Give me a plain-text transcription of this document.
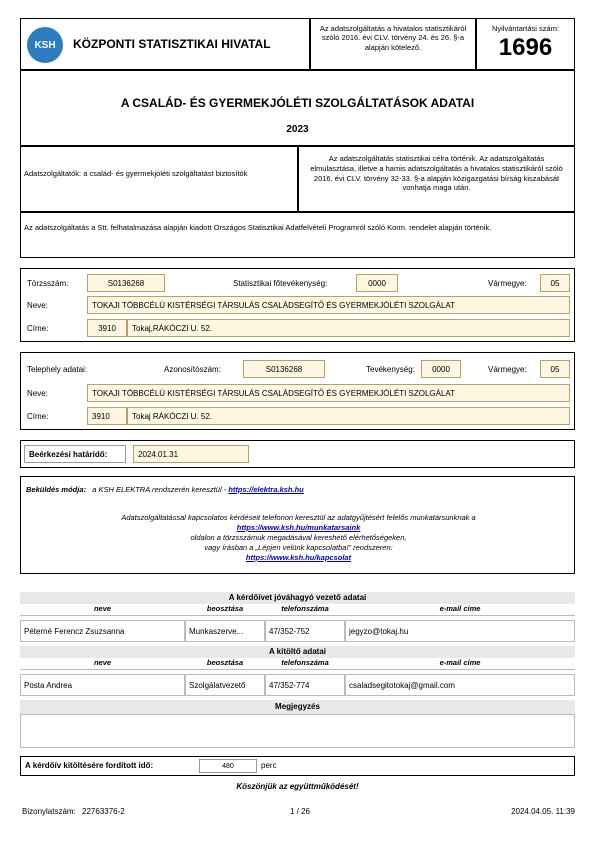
KSH KÖZPONTI STATISZTIKAI HIVATAL
Az adatszolgáltatás a hivatalos statisztikáról szóló 2016. évi CLV. törvény 24. és 26. §-a alapján kötelező.
Nyilvántartási szám:
1696
A CSALÁD- ÉS GYERMEKJÓLÉTI SZOLGÁLTATÁSOK ADATAI
2023
Adatszolgáltatók: a család- és gyermekjóléti szolgáltatást biztosítók
Az adatszolgáltatás statisztikai célra történik. Az adatszolgáltatás elmulasztása, illetve a hamis adatszolgáltatás a hivatalos statisztikáról szóló 2016. évi CLV. törvény 32-33. §-a alapján közigazgatási bírság kiszabását vonhatja maga után.
Az adatszolgáltatás a Stt. felhatalmazása alapján kiadott Országos Statisztikai Adatfelvételi Programról szóló Korm. rendelet alapján történik.
Törzsszám:	S0136268	Statisztikai főtevékenység:	0000	Vármegye:	05
Neve:	TOKAJI TÖBBCÉLÚ KISTÉRSÉGI TÁRSULÁS CSALÁDSEGÍTŐ ÉS GYERMEKJÓLÉTI SZOLGÁLAT
Címe:	3910	Tokaj,RÁKÓCZI U. 52.
Telephely adatai:	Azonosítószám:	S0136268	Tevékenység:	0000	Vármegye:	05
Neve:	TOKAJI TÖBBCÉLÚ KISTÉRSÉGI TÁRSULÁS CSALÁDSEGÍTŐ ÉS GYERMEKJÓLÉTI SZOLGÁLAT
Címe:	3910	Tokaj RÁKÓCZI U. 52.
Beérkezési határidő:	2024.01.31
Beküldés módja: a KSH ELEKTRA rendszerén keresztül - https://elektra.ksh.hu
Adatszolgáltatással kapcsolatos kérdéseit telefonon keresztül az adatgyűjtésért felelős munkatársunknak a
https://www.ksh.hu/munkatarsaink
oldalon a törzsszámuk megadásával kereshető elérhetőségeken,
vagy írásban a „Lépjen velünk kapcsolatba!” rendszeren:
https://www.ksh.hu/kapcsolat
A kérdőívet jóváhagyó vezető adatai
neve	beosztása	telefonszáma	e-mail címe
Péterné Ferencz Zsuzsanna	Munkaszerve...	47/352-752	jegyzo@tokaj.hu
A kitöltő adatai
neve	beosztása	telefonszáma	e-mail címe
Posta Andrea	Szolgálatvezető	47/352-774	csaladsegitotokaj@gmail.com
Megjegyzés
A kérdőív kitöltésére fordított idő:	480	perc
Köszönjük az együttműködését!
Bizonylatszám: 22763376-2	1 / 26	2024.04.05. 11:39
